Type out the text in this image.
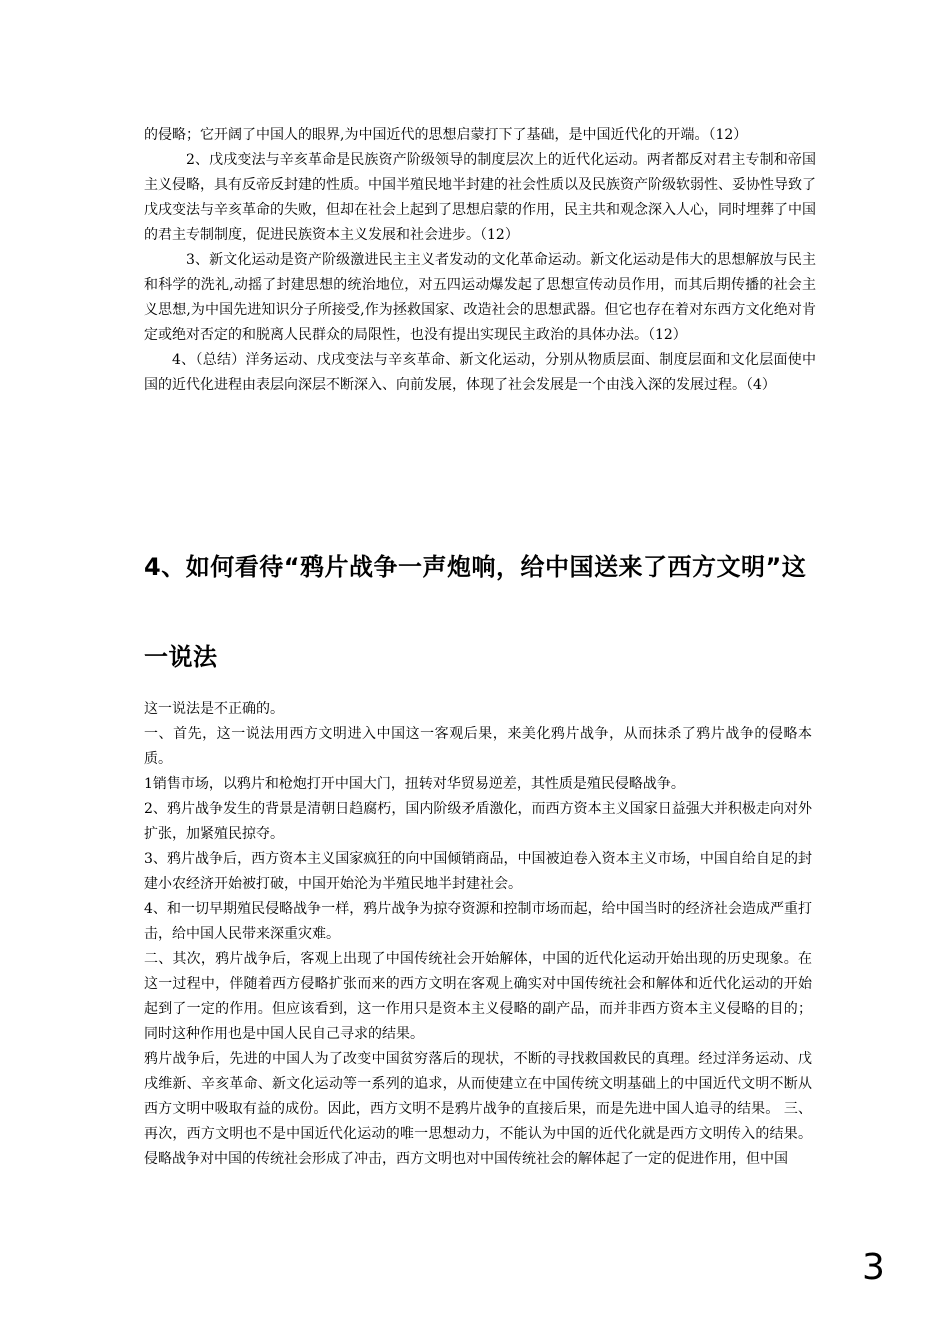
的侵略；它开阔了中国人的眼界,为中国近代的思想启蒙打下了基础，是中国近代化的开端。（12）

2、戊戌变法与辛亥革命是民族资产阶级领导的制度层次上的近代化运动。两者都反对君主专制和帝国主义侵略，具有反帝反封建的性质。中国半殖民地半封建的社会性质以及民族资产阶级软弱性、妥协性导致了戊戌变法与辛亥革命的失败，但却在社会上起到了思想启蒙的作用，民主共和观念深入人心，同时埋葬了中国的君主专制制度，促进民族资本主义发展和社会进步。（12）

3、新文化运动是资产阶级激进民主主义者发动的文化革命运动。新文化运动是伟大的思想解放与民主和科学的洗礼,动摇了封建思想的统治地位，对五四运动爆发起了思想宣传动员作用，而其后期传播的社会主义思想,为中国先进知识分子所接受,作为拯救国家、改造社会的思想武器。但它也存在着对东西方文化绝对肯定或绝对否定的和脱离人民群众的局限性，也没有提出实现民主政治的具体办法。（12）

4、（总结）洋务运动、戊戌变法与辛亥革命、新文化运动，分别从物质层面、制度层面和文化层面使中国的近代化进程由表层向深层不断深入、向前发展，体现了社会发展是一个由浅入深的发展过程。（4）

4、如何看待“鸦片战争一声炮响，给中国送来了西方文明”这一说法

这一说法是不正确的。

一、首先，这一说法用西方文明进入中国这一客观后果，来美化鸦片战争，从而抹杀了鸦片战争的侵略本质。

1销售市场，以鸦片和枪炮打开中国大门，扭转对华贸易逆差，其性质是殖民侵略战争。

2、鸦片战争发生的背景是清朝日趋腐朽，国内阶级矛盾激化，而西方资本主义国家日益强大并积极走向对外扩张，加紧殖民掠夺。

3、鸦片战争后，西方资本主义国家疯狂的向中国倾销商品，中国被迫卷入资本主义市场，中国自给自足的封建小农经济开始被打破，中国开始沦为半殖民地半封建社会。

4、和一切早期殖民侵略战争一样，鸦片战争为掠夺资源和控制市场而起，给中国当时的经济社会造成严重打击，给中国人民带来深重灾难。

二、其次，鸦片战争后，客观上出现了中国传统社会开始解体，中国的近代化运动开始出现的历史现象。在这一过程中，伴随着西方侵略扩张而来的西方文明在客观上确实对中国传统社会和解体和近代化运动的开始起到了一定的作用。但应该看到，这一作用只是资本主义侵略的副产品，而并非西方资本主义侵略的目的；同时这种作用也是中国人民自己寻求的结果。

鸦片战争后，先进的中国人为了改变中国贫穷落后的现状，不断的寻找救国救民的真理。经过洋务运动、戊戌维新、辛亥革命、新文化运动等一系列的追求，从而使建立在中国传统文明基础上的中国近代文明不断从西方文明中吸取有益的成份。因此，西方文明不是鸦片战争的直接后果，而是先进中国人追寻的结果。 三、再次，西方文明也不是中国近代化运动的唯一思想动力，不能认为中国的近代化就是西方文明传入的结果。 侵略战争对中国的传统社会形成了冲击，西方文明也对中国传统社会的解体起了一定的促进作用，但中国

3
